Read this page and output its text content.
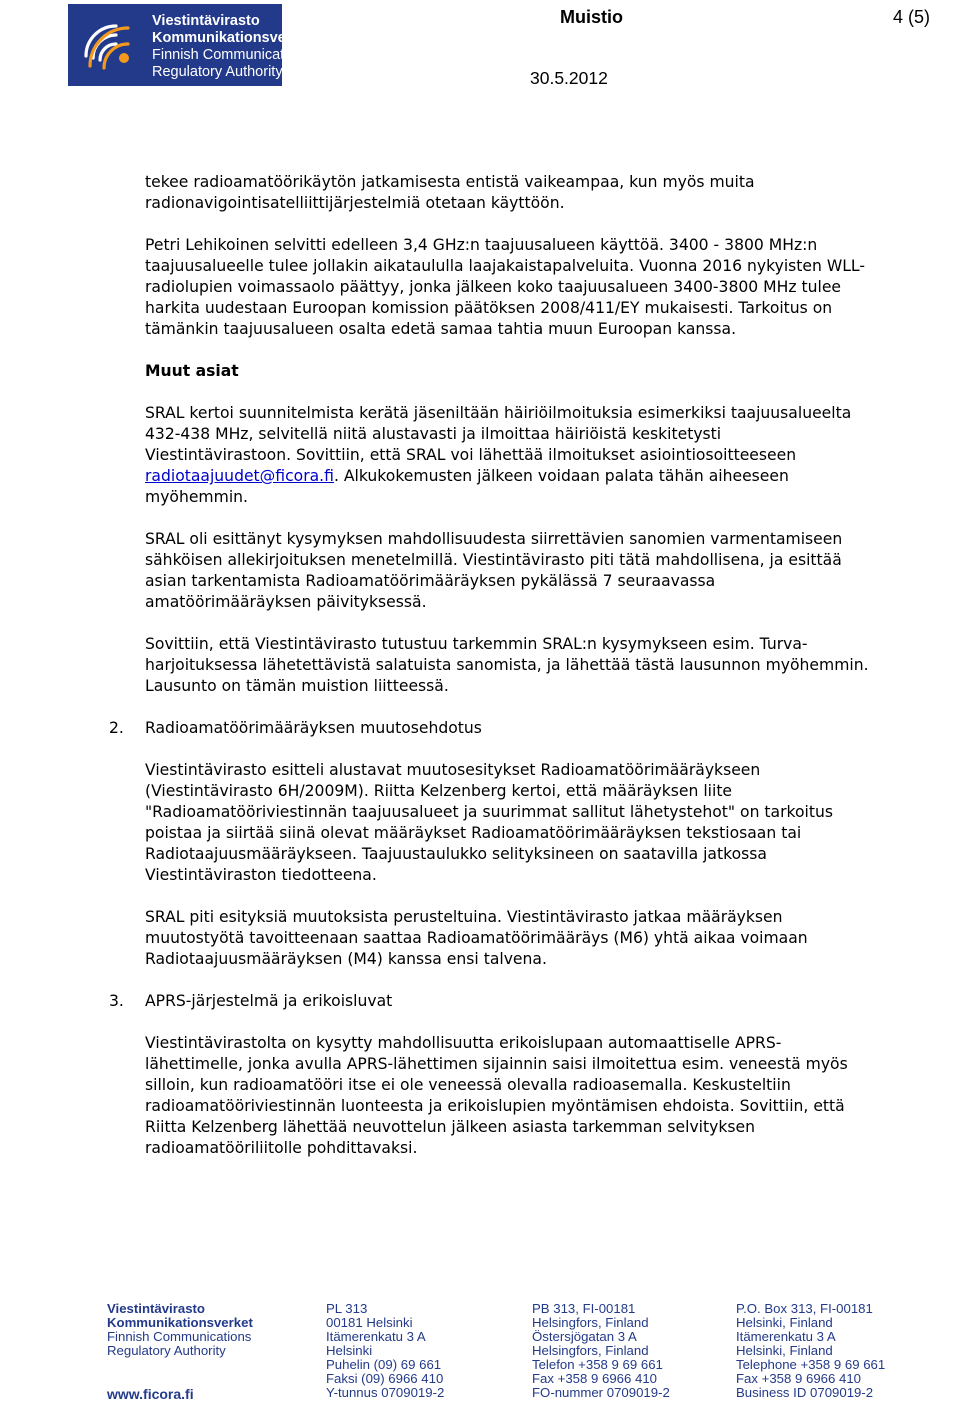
Viestintävirasto
Kommunikationsverket
Finnish Communications
Regulatory Authority
Muistio	4 (5)
30.5.2012

tekee radioamatöörikäytön jatkamisesta entistä vaikeampaa, kun myös muita
radionavigointisatelliittijärjestelmiä otetaan käyttöön.

Petri Lehikoinen selvitti edelleen 3,4 GHz:n taajuusalueen käyttöä. 3400 - 3800 MHz:n
taajuusalueelle tulee jollakin aikataululla laajakaistapalveluita. Vuonna 2016 nykyisten WLL-
radiolupien voimassaolo päättyy, jonka jälkeen koko taajuusalueen 3400-3800 MHz tulee
harkita uudestaan Euroopan komission päätöksen 2008/411/EY mukaisesti. Tarkoitus on
tämänkin taajuusalueen osalta edetä samaa tahtia muun Euroopan kanssa.

Muut asiat

SRAL kertoi suunnitelmista kerätä jäseniltään häiriöilmoituksia esimerkiksi taajuusalueelta
432-438 MHz, selvitellä niitä alustavasti ja ilmoittaa häiriöistä keskitetysti
Viestintävirastoon. Sovittiin, että SRAL voi lähettää ilmoitukset asiointiosoitteeseen
radiotaajuudet@ficora.fi. Alkukokemusten jälkeen voidaan palata tähän aiheeseen
myöhemmin.

SRAL oli esittänyt kysymyksen mahdollisuudesta siirrettävien sanomien varmentamiseen
sähköisen allekirjoituksen menetelmillä. Viestintävirasto piti tätä mahdollisena, ja esittää
asian tarkentamista Radioamatöörimääräyksen pykälässä 7 seuraavassa
amatöörimääräyksen päivityksessä.

Sovittiin, että Viestintävirasto tutustuu tarkemmin SRAL:n kysymykseen esim. Turva-
harjoituksessa lähetettävistä salatuista sanomista, ja lähettää tästä lausunnon myöhemmin.
Lausunto on tämän muistion liitteessä.

2. Radioamatöörimääräyksen muutosehdotus

Viestintävirasto esitteli alustavat muutosesitykset Radioamatöörimääräykseen
(Viestintävirasto 6H/2009M). Riitta Kelzenberg kertoi, että määräyksen liite
"Radioamatööriviestinnän taajuusalueet ja suurimmat sallitut lähetystehot" on tarkoitus
poistaa ja siirtää siinä olevat määräykset Radioamatöörimääräyksen tekstiosaan tai
Radiotaajuusmääräykseen. Taajuustaulukko selityksineen on saatavilla jatkossa
Viestintäviraston tiedotteena.

SRAL piti esityksiä muutoksista perusteltuina. Viestintävirasto jatkaa määräyksen
muutostyötä tavoitteenaan saattaa Radioamatöörimääräys (M6) yhtä aikaa voimaan
Radiotaajuusmääräyksen (M4) kanssa ensi talvena.

3. APRS-järjestelmä ja erikoisluvat

Viestintävirastolta on kysytty mahdollisuutta erikoislupaan automaattiselle APRS-
lähettimelle, jonka avulla APRS-lähettimen sijainnin saisi ilmoitettua esim. veneestä myös
silloin, kun radioamatööri itse ei ole veneessä olevalla radioasemalla. Keskusteltiin
radioamatööriviestinnän luonteesta ja erikoislupien myöntämisen ehdoista. Sovittiin, että
Riitta Kelzenberg lähettää neuvottelun jälkeen asiasta tarkemman selvityksen
radioamatööriliitolle pohdittavaksi.

Viestintävirasto
Kommunikationsverket
Finnish Communications
Regulatory Authority
www.ficora.fi
PL 313
00181 Helsinki
Itämerenkatu 3 A
Helsinki
Puhelin (09) 69 661
Faksi (09) 6966 410
Y-tunnus 0709019-2
PB 313, FI-00181
Helsingfors, Finland
Östersjögatan 3 A
Helsingfors, Finland
Telefon +358 9 69 661
Fax +358 9 6966 410
FO-nummer 0709019-2
P.O. Box 313, FI-00181
Helsinki, Finland
Itämerenkatu 3 A
Helsinki, Finland
Telephone +358 9 69 661
Fax +358 9 6966 410
Business ID 0709019-2
